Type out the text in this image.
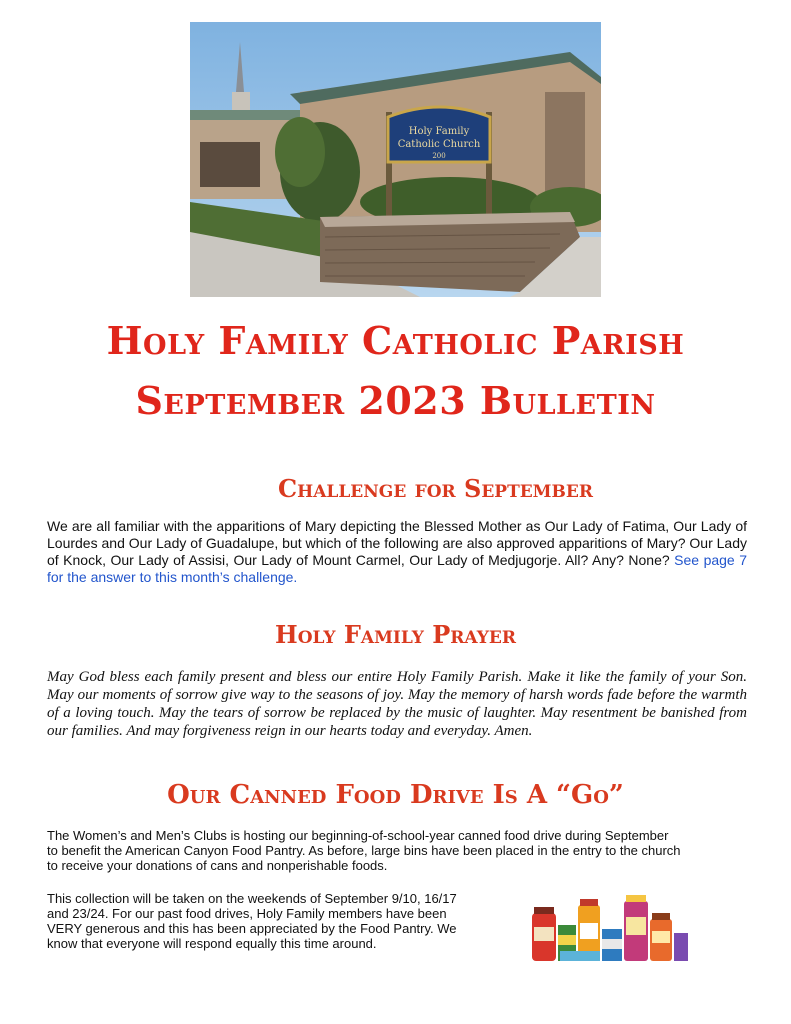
Holy Family
Catholic Church
200
Holy Family Catholic Parish
September 2023 Bulletin
Challenge for September
We are all familiar with the apparitions of Mary depicting the Blessed Mother as Our Lady of Fatima, Our Lady of Lourdes and Our Lady of Guadalupe, but which of the following are also approved apparitions of Mary? Our Lady of Knock, Our Lady of Assisi, Our Lady of Mount Carmel, Our Lady of Medjugorje. All? Any? None? See page 7 for the answer to this month’s challenge.
Holy Family Prayer
May God bless each family present and bless our entire Holy Family Parish. Make it like the family of your Son. May our moments of sorrow give way to the seasons of joy. May the memory of harsh words fade before the warmth of a loving touch. May the tears of sorrow be replaced by the music of laughter. May resentment be banished from our families. And may forgiveness reign in our hearts today and everyday. Amen.
Our Canned Food Drive Is A “Go”
The Women’s and Men’s Clubs is hosting our beginning-of-school-year canned food drive during September
to benefit the American Canyon Food Pantry. As before, large bins have been placed in the entry to the church
to receive your donations of cans and nonperishable foods.
This collection will be taken on the weekends of September 9/10, 16/17
and 23/24. For our past food drives, Holy Family members have been
VERY generous and this has been appreciated by the Food Pantry. We
know that everyone will respond equally this time around.
